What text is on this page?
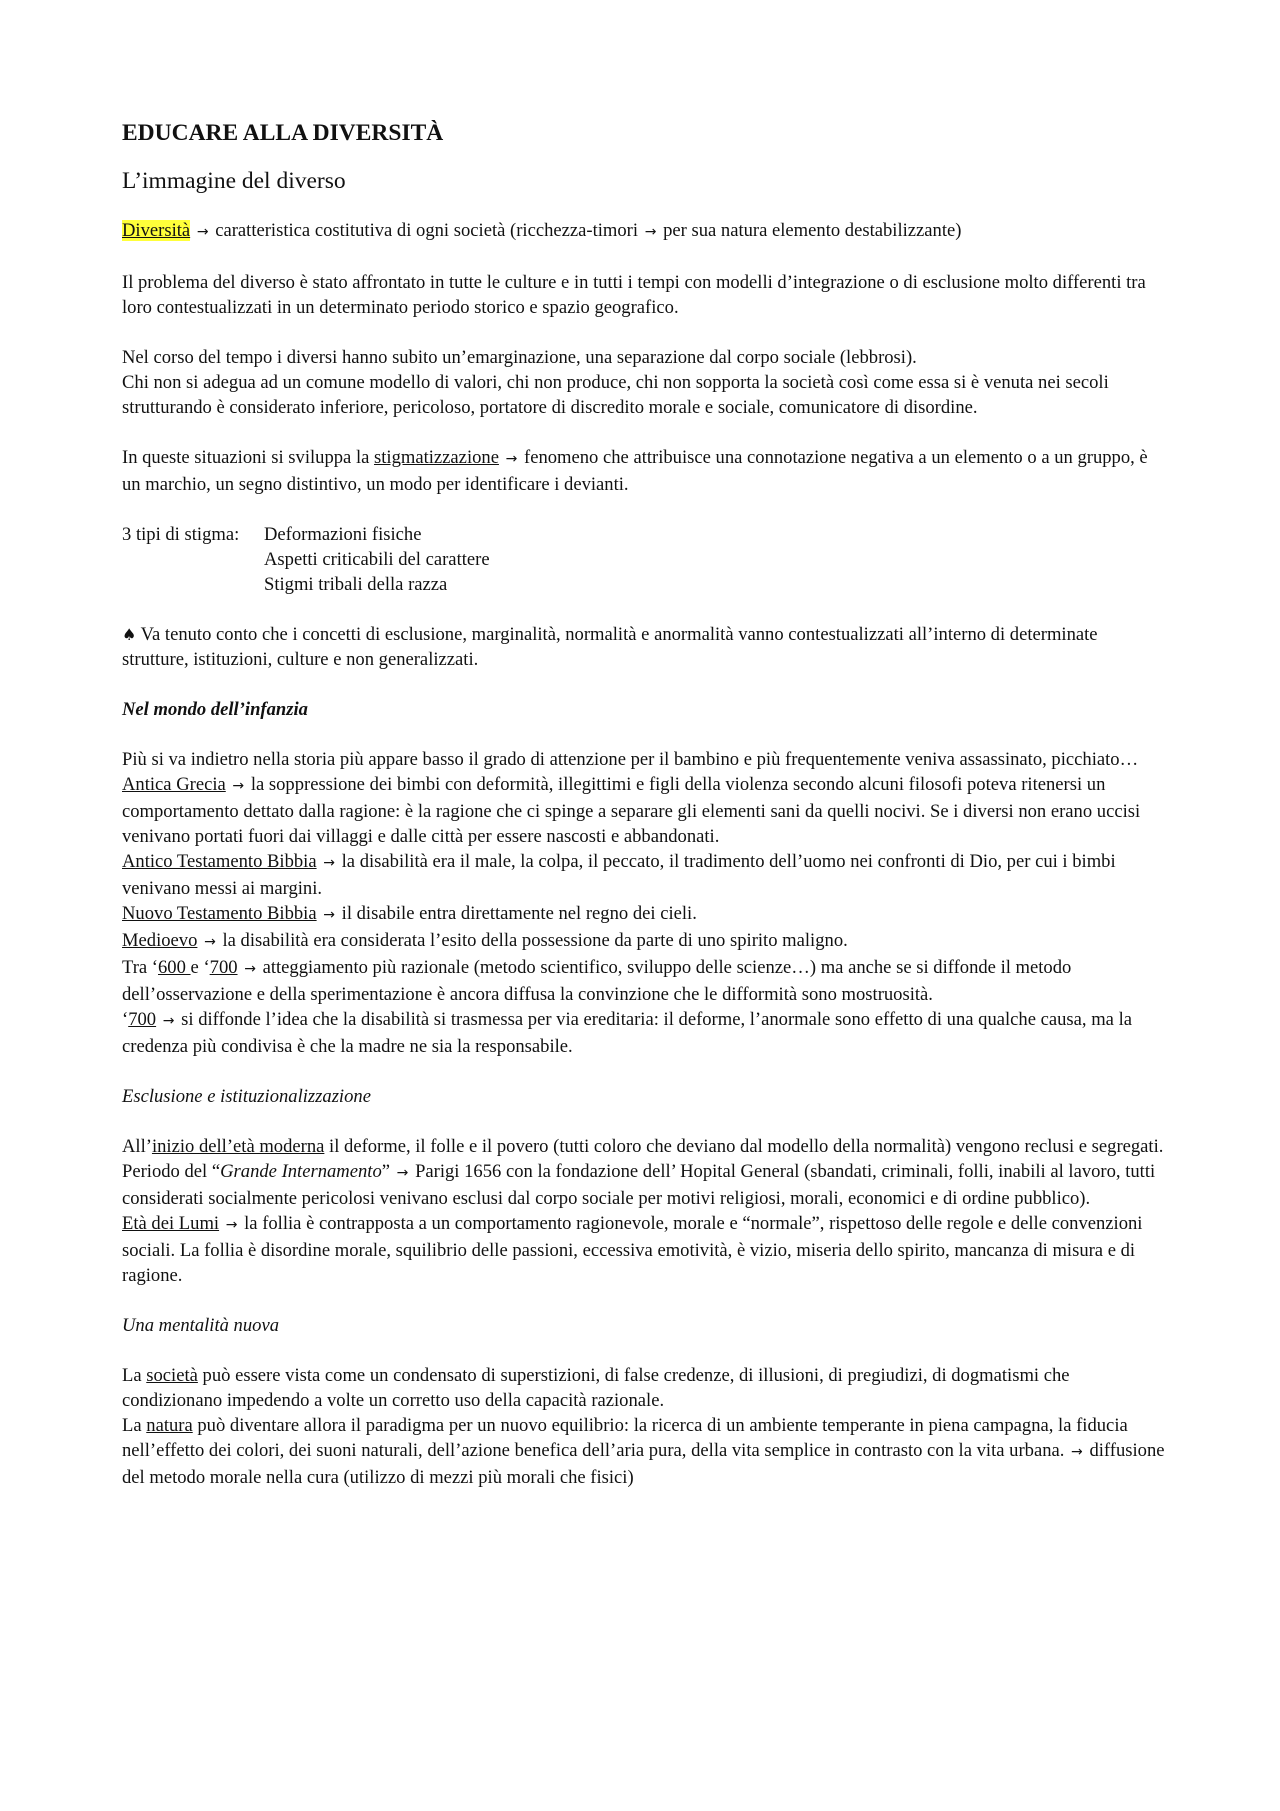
EDUCARE ALLA DIVERSITÀ
L’immagine del diverso

Diversità → caratteristica costitutiva di ogni società (ricchezza-timori → per sua natura elemento destabilizzante)

Il problema del diverso è stato affrontato in tutte le culture e in tutti i tempi con modelli d’integrazione o di esclusione molto differenti tra loro contestualizzati in un determinato periodo storico e spazio geografico.

Nel corso del tempo i diversi hanno subito un’emarginazione, una separazione dal corpo sociale (lebbrosi).
Chi non si adegua ad un comune modello di valori, chi non produce, chi non sopporta la società così come essa si è venuta nei secoli strutturando è considerato inferiore, pericoloso, portatore di discredito morale e sociale, comunicatore di disordine.

In queste situazioni si sviluppa la stigmatizzazione → fenomeno che attribuisce una connotazione negativa a un elemento o a un gruppo, è un marchio, un segno distintivo, un modo per identificare i devianti.

3 tipi di stigma:	Deformazioni fisiche
Aspetti criticabili del carattere
Stigmi tribali della razza

♠ Va tenuto conto che i concetti di esclusione, marginalità, normalità e anormalità vanno contestualizzati all’interno di determinate strutture, istituzioni, culture e non generalizzati.

Nel mondo dell’infanzia

Più si va indietro nella storia più appare basso il grado di attenzione per il bambino e più frequentemente veniva assassinato, picchiato…
Antica Grecia → la soppressione dei bimbi con deformità, illegittimi e figli della violenza secondo alcuni filosofi poteva ritenersi un comportamento dettato dalla ragione: è la ragione che ci spinge a separare gli elementi sani da quelli nocivi. Se i diversi non erano uccisi venivano portati fuori dai villaggi e dalle città per essere nascosti e abbandonati.
Antico Testamento Bibbia → la disabilità era il male, la colpa, il peccato, il tradimento dell’uomo nei confronti di Dio, per cui i bimbi venivano messi ai margini.
Nuovo Testamento Bibbia → il disabile entra direttamente nel regno dei cieli.
Medioevo → la disabilità era considerata l’esito della possessione da parte di uno spirito maligno.
Tra ‘600 e ‘700 → atteggiamento più razionale (metodo scientifico, sviluppo delle scienze…) ma anche se si diffonde il metodo dell’osservazione e della sperimentazione è ancora diffusa la convinzione che le difformità sono mostruosità.
‘700 → si diffonde l’idea che la disabilità si trasmessa per via ereditaria: il deforme, l’anormale sono effetto di una qualche causa, ma la credenza più condivisa è che la madre ne sia la responsabile.

Esclusione e istituzionalizzazione

All’inizio dell’età moderna il deforme, il folle e il povero (tutti coloro che deviano dal modello della normalità) vengono reclusi e segregati.
Periodo del “Grande Internamento” → Parigi 1656 con la fondazione dell’ Hopital General (sbandati, criminali, folli, inabili al lavoro, tutti considerati socialmente pericolosi venivano esclusi dal corpo sociale per motivi religiosi, morali, economici e di ordine pubblico).
Età dei Lumi → la follia è contrapposta a un comportamento ragionevole, morale e “normale”, rispettoso delle regole e delle convenzioni sociali. La follia è disordine morale, squilibrio delle passioni, eccessiva emotività, è vizio, miseria dello spirito, mancanza di misura e di ragione.

Una mentalità nuova

La società può essere vista come un condensato di superstizioni, di false credenze, di illusioni, di pregiudizi, di dogmatismi che condizionano impedendo a volte un corretto uso della capacità razionale.
La natura può diventare allora il paradigma per un nuovo equilibrio: la ricerca di un ambiente temperante in piena campagna, la fiducia nell’effetto dei colori, dei suoni naturali, dell’azione benefica dell’aria pura, della vita semplice in contrasto con la vita urbana. → diffusione del metodo morale nella cura (utilizzo di mezzi più morali che fisici)
